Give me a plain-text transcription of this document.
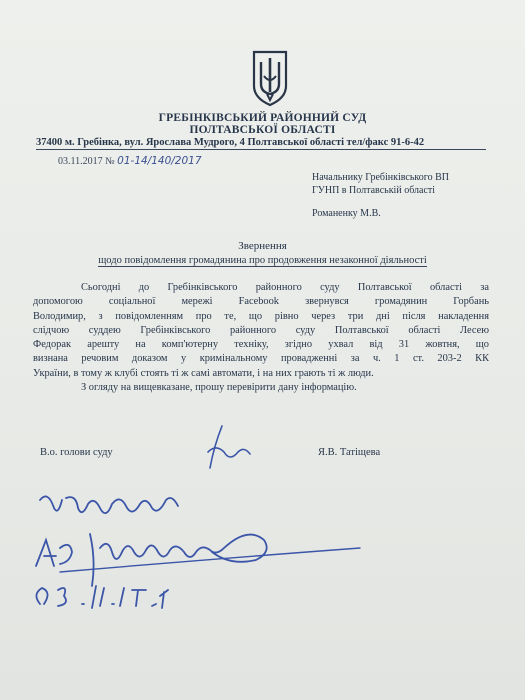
ГРЕБІНКІВСЬКИЙ РАЙОННИЙ СУД
ПОЛТАВСЬКОЇ ОБЛАСТІ
37400 м. Гребінка, вул. Ярослава Мудрого, 4 Полтавської області тел/факс 91-6-42
03.11.2017 № 01-14/140/2017
Начальнику Гребінківського ВП
ГУНП в Полтавській області
Романенку М.В.
Звернення
щодо повідомлення громадянина про продовження незаконної діяльності
Сьогодні до Гребінківського районного суду Полтавської області за
допомогою соціальної мережі Facebook звернувся громадянин Горбань
Володимир, з повідомленням про те, що рівно через три дні після накладення
слідчою суддею Гребінківського районного суду Полтавської області Лесею
Федорак арешту на комп'ютерну техніку, згідно ухвал від 31 жовтня, що
визнана речовим доказом у кримінальному провадженні за ч. 1 ст. 203-2 КК
України, в тому ж клубі стоять ті ж самі автомати, і на них грають ті ж люди.
З огляду на вищевказане, прошу перевірити дану інформацію.
В.о. голови суду	Я.В. Татіщева
